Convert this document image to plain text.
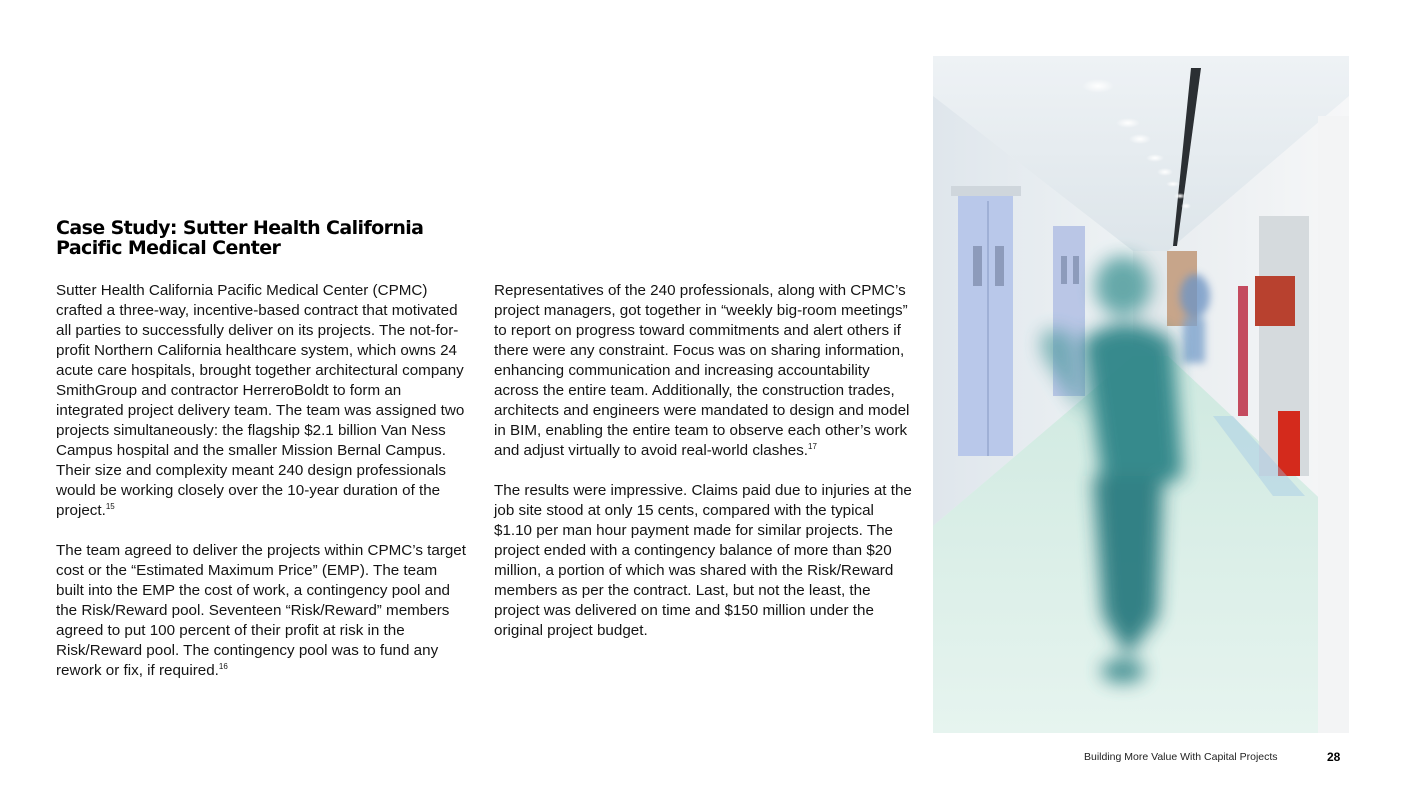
Case Study: Sutter Health California Pacific Medical Center

Sutter Health California Pacific Medical Center (CPMC) crafted a three-way, incentive-based contract that motivated all parties to successfully deliver on its projects. The not-for-profit Northern California healthcare system, which owns 24 acute care hospitals, brought together architectural company SmithGroup and contractor HerreroBoldt to form an integrated project delivery team. The team was assigned two projects simultaneously: the flagship $2.1 billion Van Ness Campus hospital and the smaller Mission Bernal Campus. Their size and complexity meant 240 design professionals would be working closely over the 10-year duration of the project.$^{15}$

The team agreed to deliver the projects within CPMC’s target cost or the “Estimated Maximum Price” (EMP). The team built into the EMP the cost of work, a contingency pool and the Risk/Reward pool. Seventeen “Risk/Reward” members agreed to put 100 percent of their profit at risk in the Risk/Reward pool. The contingency pool was to fund any rework or fix, if required.$^{16}$

Representatives of the 240 professionals, along with CPMC’s project managers, got together in “weekly big-room meetings” to report on progress toward commitments and alert others if there were any constraint. Focus was on sharing information, enhancing communication and increasing accountability across the entire team. Additionally, the construction trades, architects and engineers were mandated to design and model in BIM, enabling the entire team to observe each other’s work and adjust virtually to avoid real-world clashes.$^{17}$

The results were impressive. Claims paid due to injuries at the job site stood at only 15 cents, compared with the typical $1.10 per man hour payment made for similar projects. The project ended with a contingency balance of more than $20 million, a portion of which was shared with the Risk/Reward members as per the contract. Last, but not the least, the project was delivered on time and $150 million under the original project budget.

Building More Value With Capital Projects	28
